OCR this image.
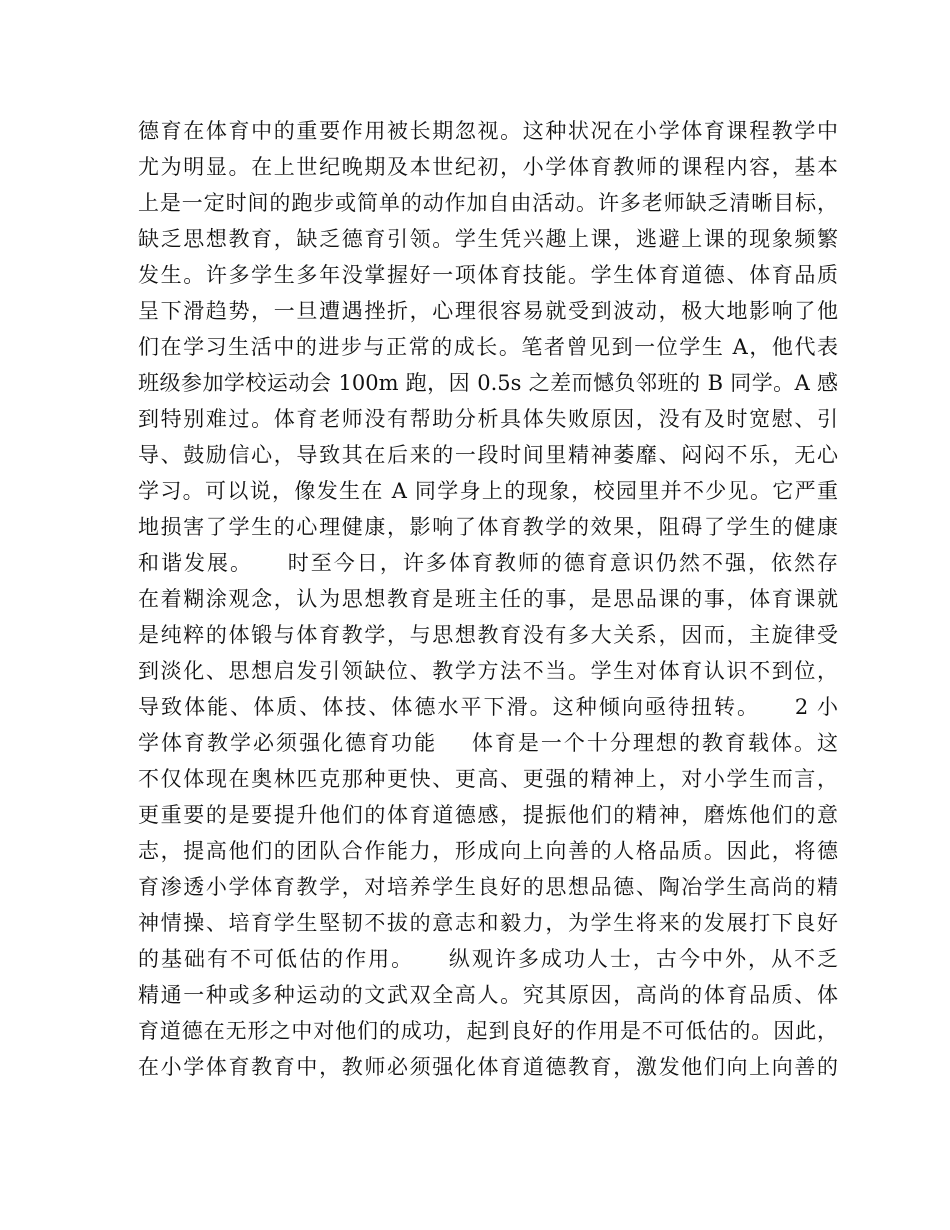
德育在体育中的重要作用被长期忽视。这种状况在小学体育课程教学中
尤为明显。在上世纪晚期及本世纪初，小学体育教师的课程内容，基本
上是一定时间的跑步或简单的动作加自由活动。许多老师缺乏清晰目标，
缺乏思想教育，缺乏德育引领。学生凭兴趣上课，逃避上课的现象频繁
发生。许多学生多年没掌握好一项体育技能。学生体育道德、体育品质
呈下滑趋势，一旦遭遇挫折，心理很容易就受到波动，极大地影响了他
们在学习生活中的进步与正常的成长。笔者曾见到一位学生 A，他代表
班级参加学校运动会 100m 跑，因 0.5s 之差而憾负邻班的 B 同学。A 感
到特别难过。体育老师没有帮助分析具体失败原因，没有及时宽慰、引
导、鼓励信心，导致其在后来的一段时间里精神萎靡、闷闷不乐，无心
学习。可以说，像发生在 A 同学身上的现象，校园里并不少见。它严重
地损害了学生的心理健康，影响了体育教学的效果，阻碍了学生的健康
和谐发展。    时至今日，许多体育教师的德育意识仍然不强，依然存
在着糊涂观念，认为思想教育是班主任的事，是思品课的事，体育课就
是纯粹的体锻与体育教学，与思想教育没有多大关系，因而，主旋律受
到淡化、思想启发引领缺位、教学方法不当。学生对体育认识不到位，
导致体能、体质、体技、体德水平下滑。这种倾向亟待扭转。    2 小
学体育教学必须强化德育功能    体育是一个十分理想的教育载体。这
不仅体现在奥林匹克那种更快、更高、更强的精神上，对小学生而言，
更重要的是要提升他们的体育道德感，提振他们的精神，磨炼他们的意
志，提高他们的团队合作能力，形成向上向善的人格品质。因此，将德
育渗透小学体育教学，对培养学生良好的思想品德、陶冶学生高尚的精
神情操、培育学生堅韧不拔的意志和毅力，为学生将来的发展打下良好
的基础有不可低估的作用。    纵观许多成功人士，古今中外，从不乏
精通一种或多种运动的文武双全高人。究其原因，高尚的体育品质、体
育道德在无形之中对他们的成功，起到良好的作用是不可低估的。因此，
在小学体育教育中，教师必须强化体育道德教育，激发他们向上向善的
